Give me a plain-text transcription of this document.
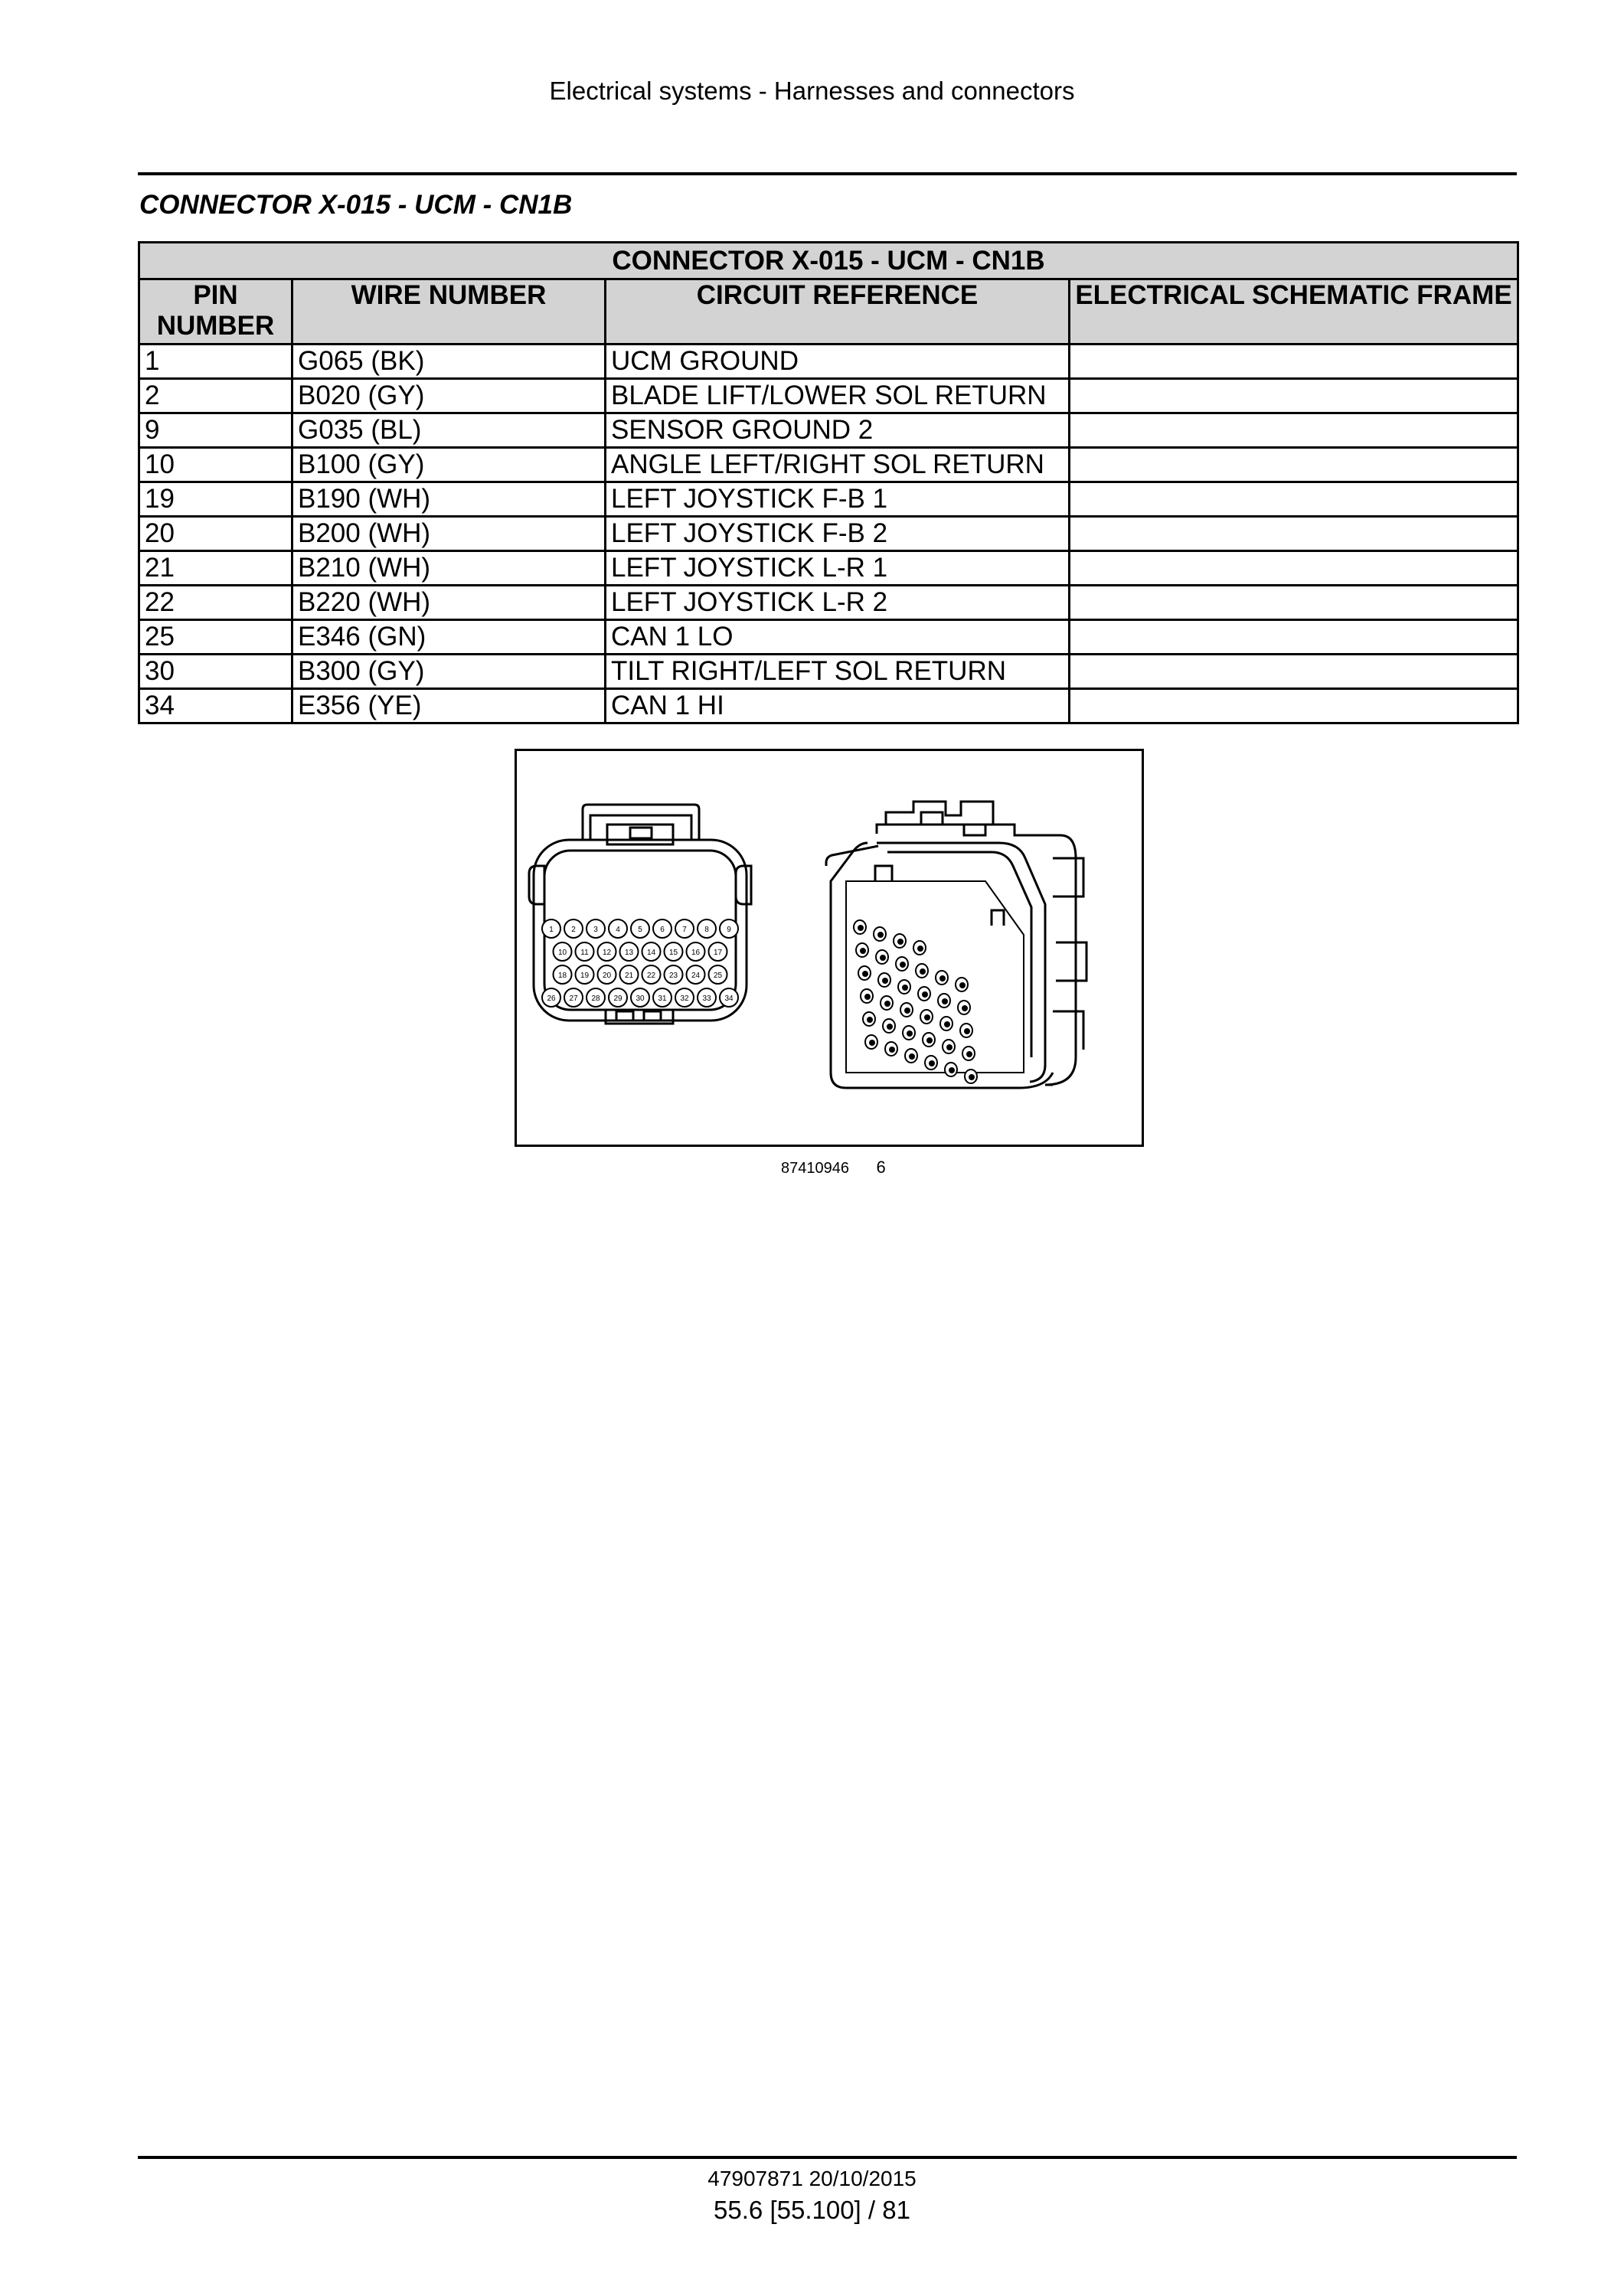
Electrical systems - Harnesses and connectors
CONNECTOR X-015 - UCM - CN1B
CONNECTOR X-015 - UCM - CN1B			
PIN NUMBER	WIRE NUMBER	CIRCUIT REFERENCE	ELECTRICAL SCHEMATIC FRAME
1	G065 (BK)	UCM GROUND	
2	B020 (GY)	BLADE LIFT/LOWER SOL RETURN	
9	G035 (BL)	SENSOR GROUND 2	
10	B100 (GY)	ANGLE LEFT/RIGHT SOL RETURN	
19	B190 (WH)	LEFT JOYSTICK F-B 1	
20	B200 (WH)	LEFT JOYSTICK F-B 2	
21	B210 (WH)	LEFT JOYSTICK L-R 1	
22	B220 (WH)	LEFT JOYSTICK L-R 2	
25	E346 (GN)	CAN 1 LO	
30	B300 (GY)	TILT RIGHT/LEFT SOL RETURN	
34	E356 (YE)	CAN 1 HI	
1 2 3 4 5 6 7 8 9
10 11 12 13 14 15 16 17
18 19 20 21 22 23 24 25
26 27 28 29 30 31 32 33 34
87410946 6
47907871 20/10/2015
55.6 [55.100] / 81
